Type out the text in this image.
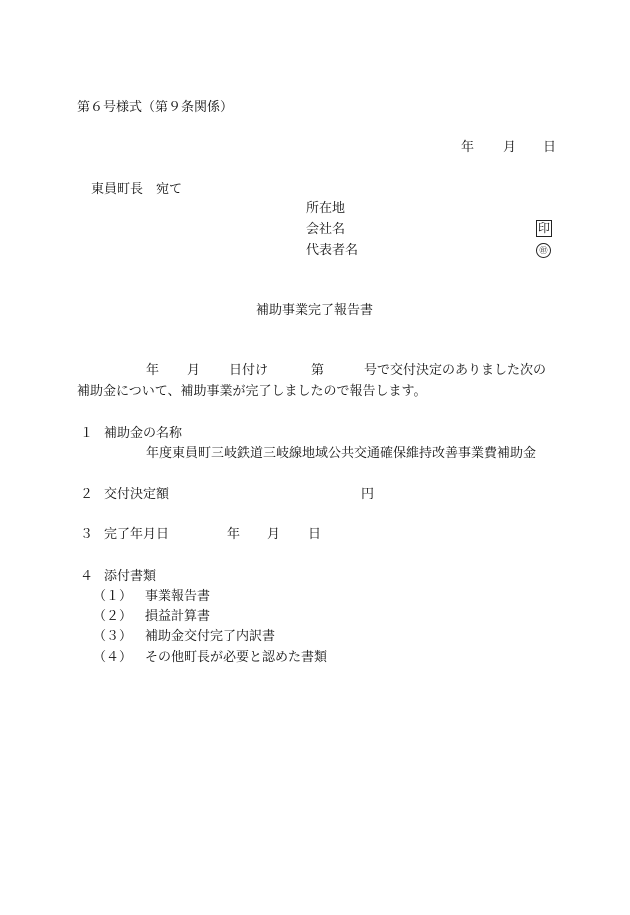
第６号様式（第９条関係）
年 月 日
東員町長　宛て
所在地
会社名
代表者名
印
㊞
補助事業完了報告書
年 月 日付け	第	号で交付決定のありました次の
補助金について、補助事業が完了しましたので報告します。
１ 補助金の名称
年度東員町三岐鉄道三岐線地域公共交通確保維持改善事業費補助金
２ 交付決定額	円
３ 完了年月日	年 月 日
４ 添付書類
（１） 事業報告書
（２） 損益計算書
（３） 補助金交付完了内訳書
（４） その他町長が必要と認めた書類
